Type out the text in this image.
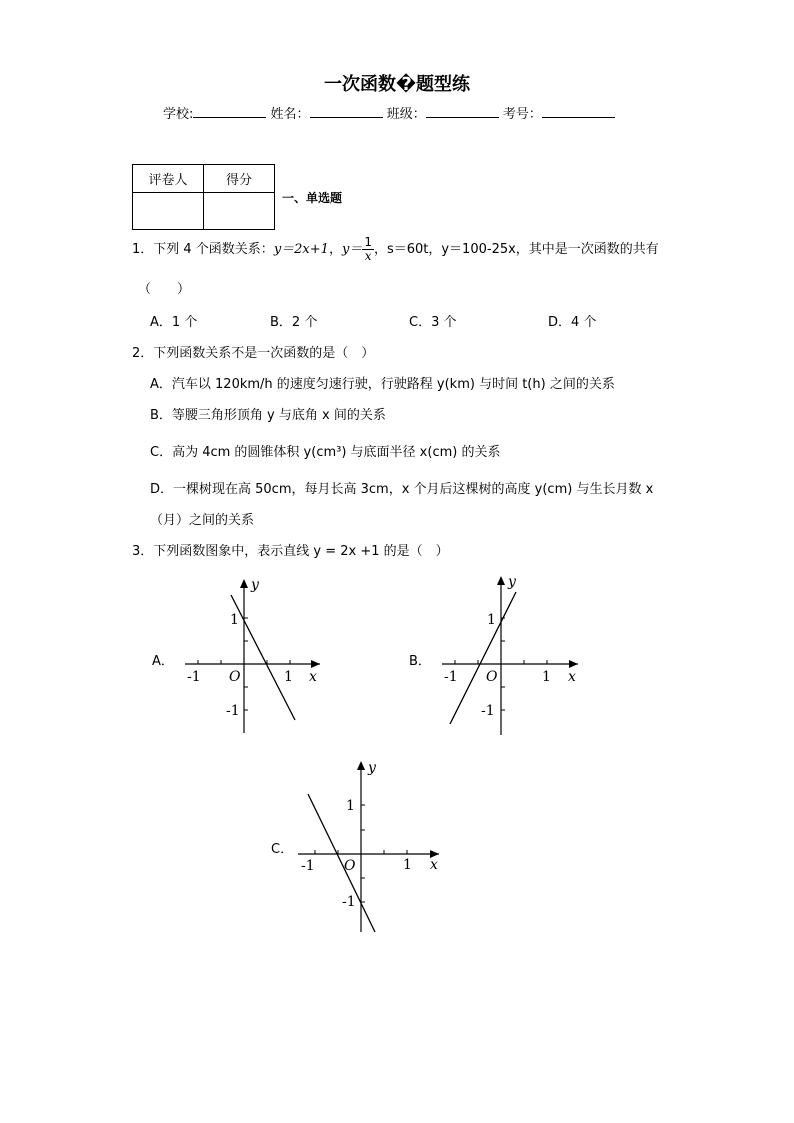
一次函数�题型练
学校:	姓名：	班级：	考号：
评卷人	得分

一、单选题
1．下列 4 个函数关系：y＝2x+1，$y= \frac{1}{x}$ ，s＝60t，y＝100-25x，其中是一次函数的共有
（　　）
A．1 个	B．2 个	C．3 个	D．4 个
2．下列函数关系不是一次函数的是（　）
A．汽车以 120km/h 的速度匀速行驶，行驶路程 y(km) 与时间 t(h) 之间的关系
B．等腰三角形顶角 y 与底角 x 间的关系
C．高为 4cm 的圆锥体积 y(cm³) 与底面半径 x(cm) 的关系
D．一棵树现在高 50cm，每月长高 3cm，x 个月后这棵树的高度 y(cm) 与生长月数 x
（月）之间的关系
3．下列函数图象中，表示直线 y = 2x +1 的是（　）
A．	B．
C．
y
x
O
-1	1
1
-1
y
x
O
-1	1
1
-1
y
x
O
-1	1
1
-1
